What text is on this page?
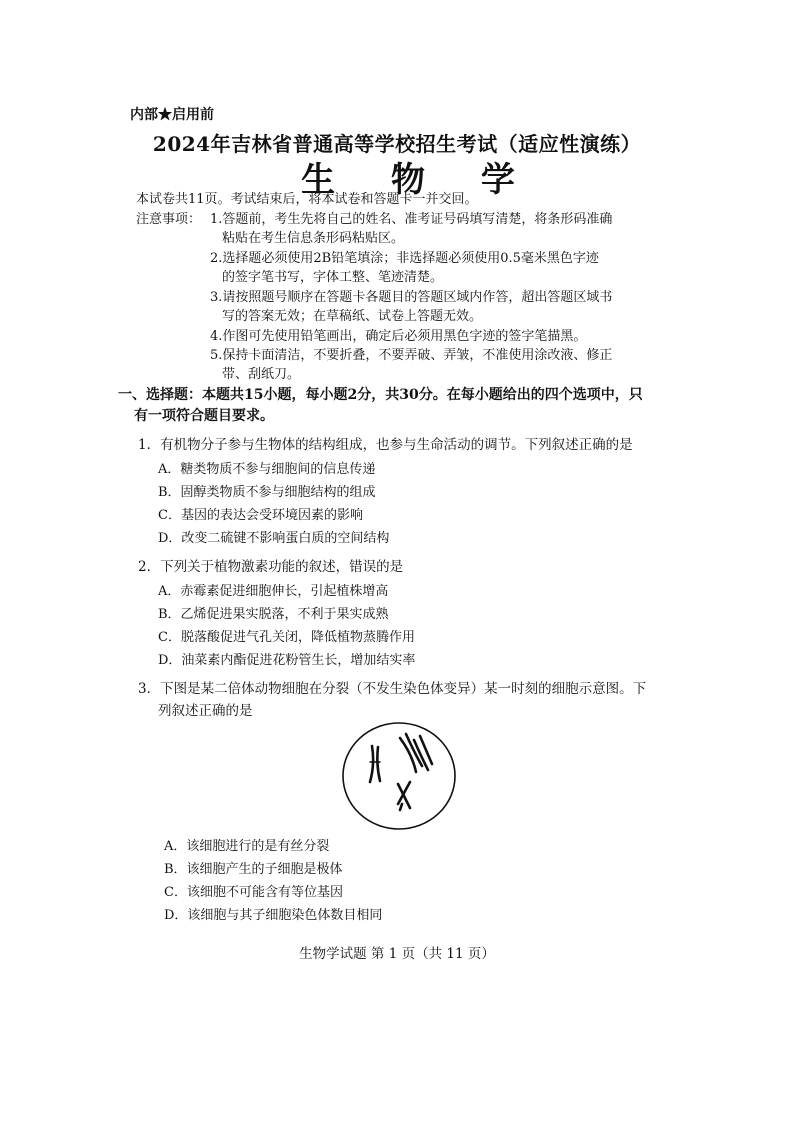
内部★启用前
2024年吉林省普通高等学校招生考试（适应性演练）
生 物 学
本试卷共11页。考试结束后，将本试卷和答题卡一并交回。
注意事项： 1.答题前，考生先将自己的姓名、准考证号码填写清楚，将条形码准确
粘贴在考生信息条形码粘贴区。
2.选择题必须使用2B铅笔填涂；非选择题必须使用0.5毫米黑色字迹
的签字笔书写，字体工整、笔迹清楚。
3.请按照题号顺序在答题卡各题目的答题区域内作答，超出答题区域书
写的答案无效；在草稿纸、试卷上答题无效。
4.作图可先使用铅笔画出，确定后必须用黑色字迹的签字笔描黑。
5.保持卡面清洁，不要折叠，不要弄破、弄皱，不准使用涂改液、修正
带、刮纸刀。
一、选择题：本题共15小题，每小题2分，共30分。在每小题给出的四个选项中，只
有一项符合题目要求。
1．有机物分子参与生物体的结构组成，也参与生命活动的调节。下列叙述正确的是
A．糖类物质不参与细胞间的信息传递
B．固醇类物质不参与细胞结构的组成
C．基因的表达会受环境因素的影响
D．改变二硫键不影响蛋白质的空间结构
2．下列关于植物激素功能的叙述，错误的是
A．赤霉素促进细胞伸长，引起植株增高
B．乙烯促进果实脱落，不利于果实成熟
C．脱落酸促进气孔关闭，降低植物蒸腾作用
D．油菜素内酯促进花粉管生长，增加结实率
3．下图是某二倍体动物细胞在分裂（不发生染色体变异）某一时刻的细胞示意图。下
列叙述正确的是
A．该细胞进行的是有丝分裂
B．该细胞产生的子细胞是极体
C．该细胞不可能含有等位基因
D．该细胞与其子细胞染色体数目相同
生物学试题 第 1 页（共 11 页）
